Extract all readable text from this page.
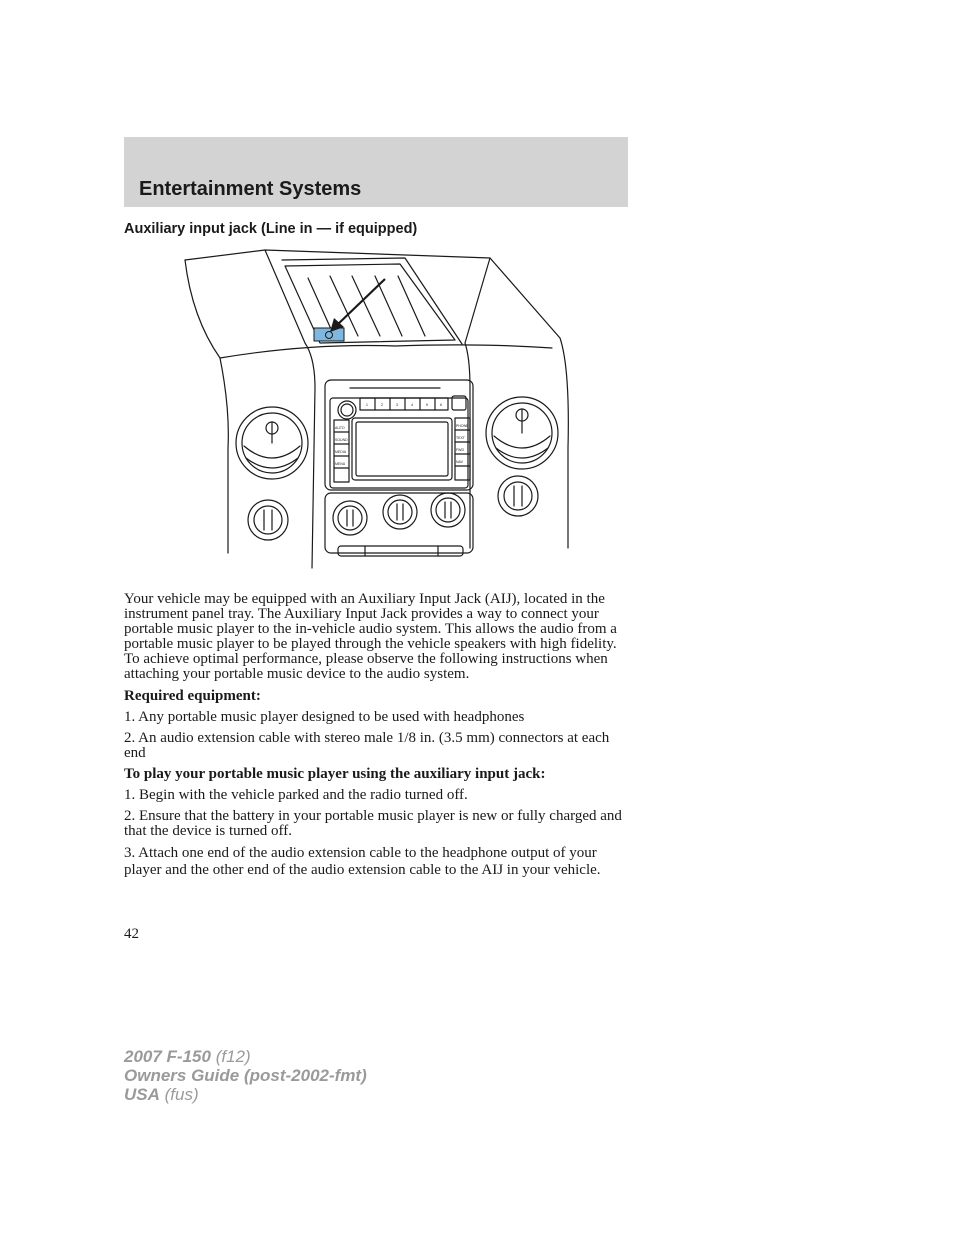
Entertainment Systems
Auxiliary input jack (Line in — if equipped)
AUTO
SOUND
MEDIA
MENU
PHONE
TEXT
FWD
NAV
1	2	3	4	5	6

Your vehicle may be equipped with an Auxiliary Input Jack (AIJ), located in the instrument panel tray. The Auxiliary Input Jack provides a way to connect your portable music player to the in-vehicle audio system. This allows the audio from a portable music player to be played through the vehicle speakers with high fidelity. To achieve optimal performance, please observe the following instructions when attaching your portable music device to the audio system.

Required equipment:

1. Any portable music player designed to be used with headphones

2. An audio extension cable with stereo male 1/8 in. (3.5 mm) connectors at each end

To play your portable music player using the auxiliary input jack:

1. Begin with the vehicle parked and the radio turned off.

2. Ensure that the battery in your portable music player is new or fully charged and that the device is turned off.

3. Attach one end of the audio extension cable to the headphone output of your player and the other end of the audio extension cable to the AIJ in your vehicle.

42
2007 F-150 (f12)
Owners Guide (post-2002-fmt)
USA (fus)
